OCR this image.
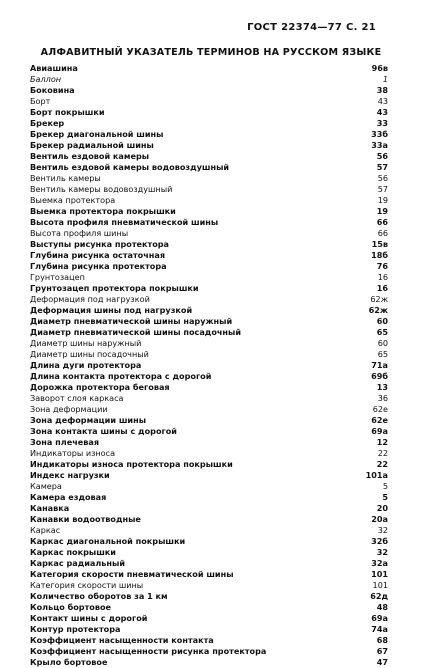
ГОСТ 22374—77 С. 21
АЛФАВИТНЫЙ УКАЗАТЕЛЬ ТЕРМИНОВ НА РУССКОМ ЯЗЫКЕ
Авиашина	96в
Баллон	1
Боковина	38
Борт	43
Борт покрышки	43
Брекер	33
Брекер диагональной шины	33б
Брекер радиальной шины	33а
Вентиль ездовой камеры	56
Вентиль ездовой камеры водовоздушный	57
Вентиль камеры	56
Вентиль камеры водовоздушный	57
Выемка протектора	19
Выемка протектора покрышки	19
Высота профиля пневматической шины	66
Высота профиля шины	66
Выступы рисунка протектора	15в
Глубина рисунка остаточная	18б
Глубина рисунка протектора	76
Грунтозацеп	16
Грунтозацеп протектора покрышки	16
Деформация под нагрузкой	62ж
Деформация шины под нагрузкой	62ж
Диаметр пневматической шины наружный	60
Диаметр пневматической шины посадочный	65
Диаметр шины наружный	60
Диаметр шины посадочный	65
Длина дуги протектора	71а
Длина контакта протектора с дорогой	69б
Дорожка протектора беговая	13
Заворот слоя каркаса	36
Зона деформации	62е
Зона деформации шины	62е
Зона контакта шины с дорогой	69а
Зона плечевая	12
Индикаторы износа	22
Индикаторы износа протектора покрышки	22
Индекс нагрузки	101а
Камера	5
Камера ездовая	5
Канавка	20
Канавки водоотводные	20а
Каркас	32
Каркас диагональной покрышки	32б
Каркас покрышки	32
Каркас радиальный	32а
Категория скорости пневматической шины	101
Категория скорости шины	101
Количество оборотов за 1 км	62д
Кольцо бортовое	48
Контакт шины с дорогой	69а
Контур протектора	74а
Коэффициент насыщенности контакта	68
Коэффициент насыщенности рисунка протектора	67
Крыло бортовое	47
